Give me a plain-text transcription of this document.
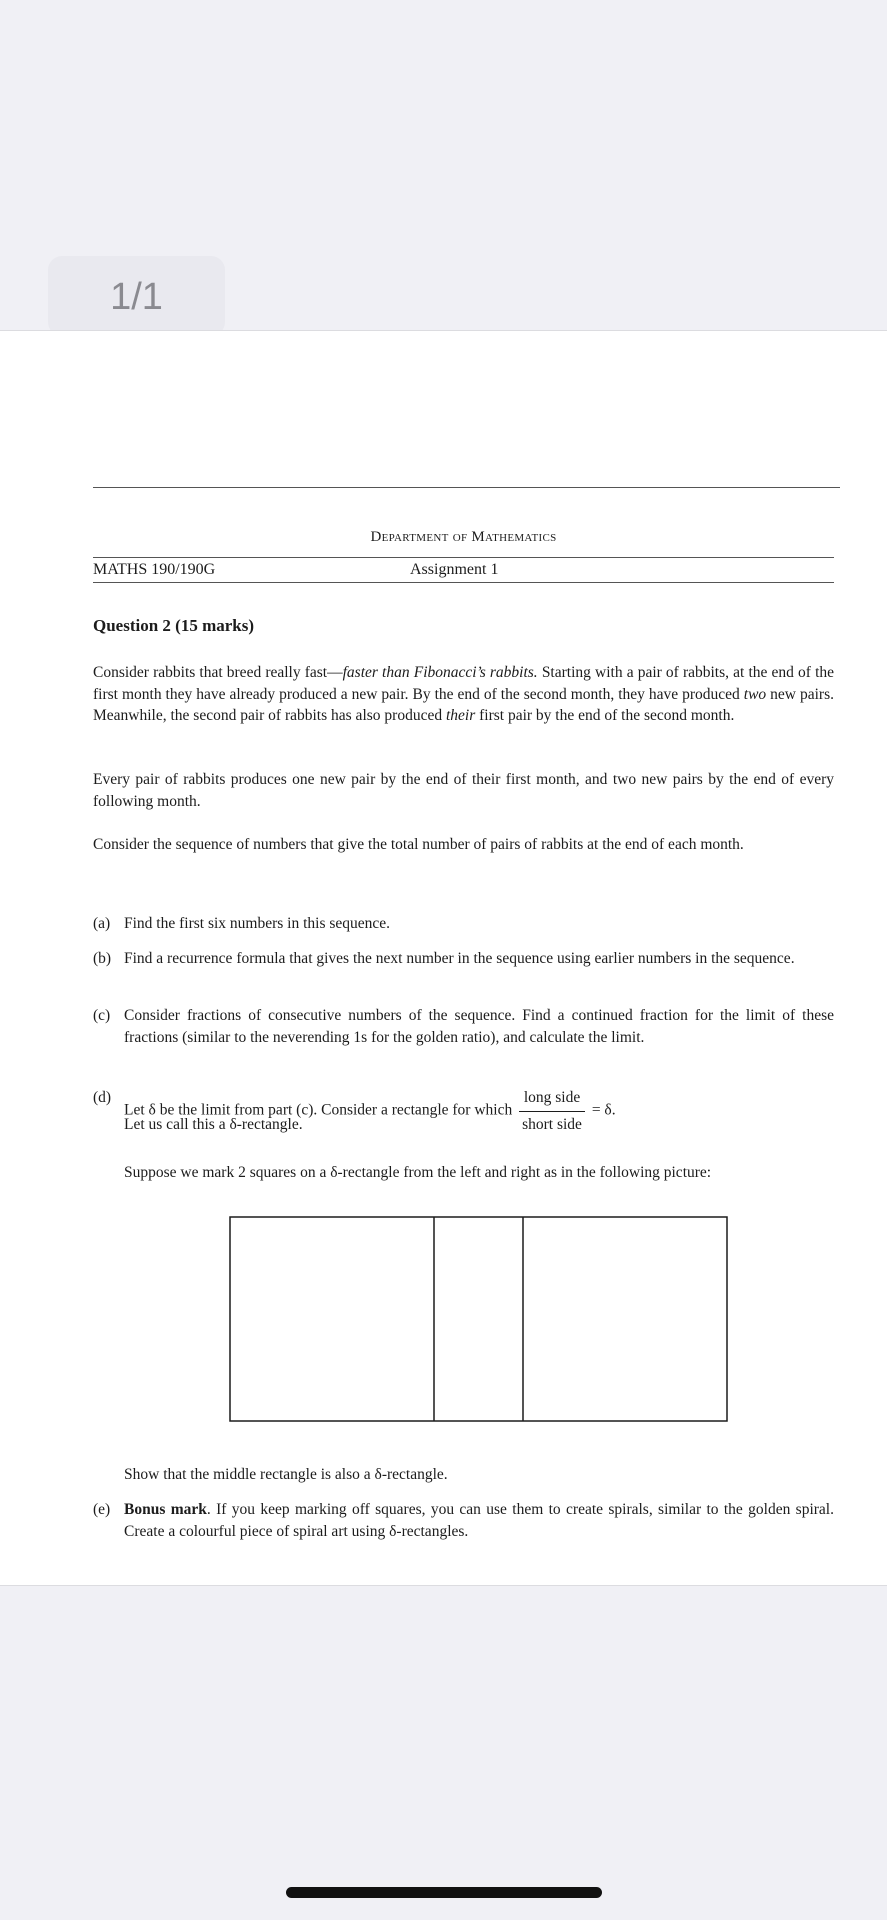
1/1
Department of Mathematics
MATHS 190/190G	Assignment 1
Question 2 (15 marks)
Consider rabbits that breed really fast—faster than Fibonacci’s rabbits. Starting with a pair of rabbits, at the end of the first month they have already produced a new pair. By the end of the second month, they have produced two new pairs. Meanwhile, the second pair of rabbits has also produced their first pair by the end of the second month.
Every pair of rabbits produces one new pair by the end of their first month, and two new pairs by the end of every following month.
Consider the sequence of numbers that give the total number of pairs of rabbits at the end of each month.
(a) Find the first six numbers in this sequence.
(b) Find a recurrence formula that gives the next number in the sequence using earlier numbers in the sequence.
(c) Consider fractions of consecutive numbers of the sequence. Find a continued fraction for the limit of these fractions (similar to the neverending 1s for the golden ratio), and calculate the limit.
(d)
Let δ be the limit from part (c). Consider a rectangle for which $\frac{\text{long side}}{\text{short side}} = \delta$.
Let us call this a δ-rectangle.
Suppose we mark 2 squares on a δ-rectangle from the left and right as in the following picture:
Show that the middle rectangle is also a δ-rectangle.
(e) Bonus mark. If you keep marking off squares, you can use them to create spirals, similar to the golden spiral. Create a colourful piece of spiral art using δ-rectangles.
